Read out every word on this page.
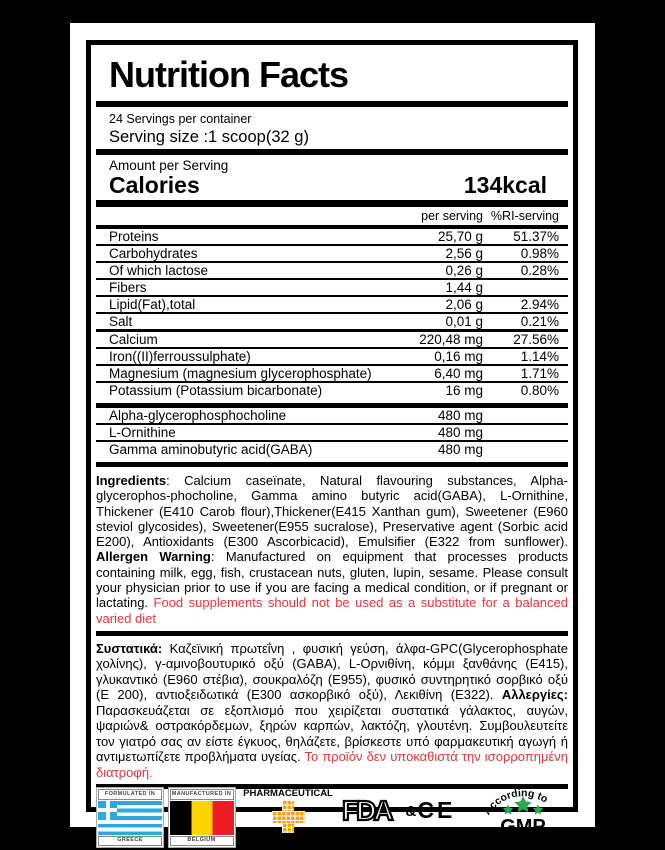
Nutrition Facts
24 Servings per container
Serving size :1 scoop(32 g)
Amount per Serving
Calories	134kcal
per serving %RI-serving
Proteins	25,70 g	51.37%
Carbohydrates	2,56 g	0.98%
Of which lactose	0,26 g	0.28%
Fibers	1,44 g
Lipid(Fat),total	2,06 g	2.94%
Salt	0,01 g	0.21%
Calcium	220,48 mg	27.56%
Iron((II)ferroussulphate)	0,16 mg	1.14%
Magnesium (magnesium glycerophosphate)	6,40 mg	1.71%
Potassium (Potassium bicarbonate)	16 mg	0.80%
Alpha-glycerophosphocholine	480 mg
L-Ornithine	480 mg
Gamma aminobutyric acid(GABA)	480 mg

Ingredients: Calcium caseïnate, Natural flavouring substances, Alpha-glycerophos-phocholine, Gamma amino butyric acid(GABA), L-Ornithine, Thickener (E410 Carob flour),Thickener(E415 Xanthan gum), Sweetener (E960 steviol glycosides), Sweetener(E955 sucralose), Preservative agent (Sorbic acid E200), Antioxidants (E300 Ascorbicacid), Emulsifier (E322 from sunflower). Allergen Warning: Manufactured on equipment that processes products containing milk, egg, fish, crustacean nuts, gluten, lupin, sesame. Please consult your physician prior to use if you are facing a medical condition, or if pregnant or lactating. Food supplements should not be used as a substitute for a balanced varied diet

Συστατικά: Καζεϊνική πρωτεΐνη , φυσική γεύση, άλφα-GPC(Glycerophosphate χολίνης), γ-αμινοβουτυρικό οξύ (GABA), L-Ορνιθίνη, κόμμι ξανθάνης (Ε415), γλυκαντικό (Ε960 στέβια), σουκραλόζη (Ε955), φυσικό συντηρητικό σορβικό οξύ (Ε 200), αντιοξειδωτικά (Ε300 ασκορβικό οξύ), Λεκιθίνη (Ε322). Αλλεργίες: Παρασκευάζεται σε εξοπλισμό που χειρίζεται συστατικά γάλακτος, αυγών, ψαριών& οστρακόρδεμων, ξηρών καρπών, λακτόζη, γλουτένη. Συμβουλευτείτε τον γιατρό σας αν είστε έγκυος, θηλάζετε, βρίσκεστε υπό φαρμακευτική αγωγή ή αντιμετωπίζετε προβλήματα υγείας. Το προϊόν δεν υποκαθιστά την ισορροπημένη διατροφή.

FORMULATED IN
GREECE
MANUFACTURED IN
BELGIUM
PHARMACEUTICAL
GRADE
FDA & CE
REGISTERED
According to
GMP
GOOD MANUFACTURE
PROCESS
